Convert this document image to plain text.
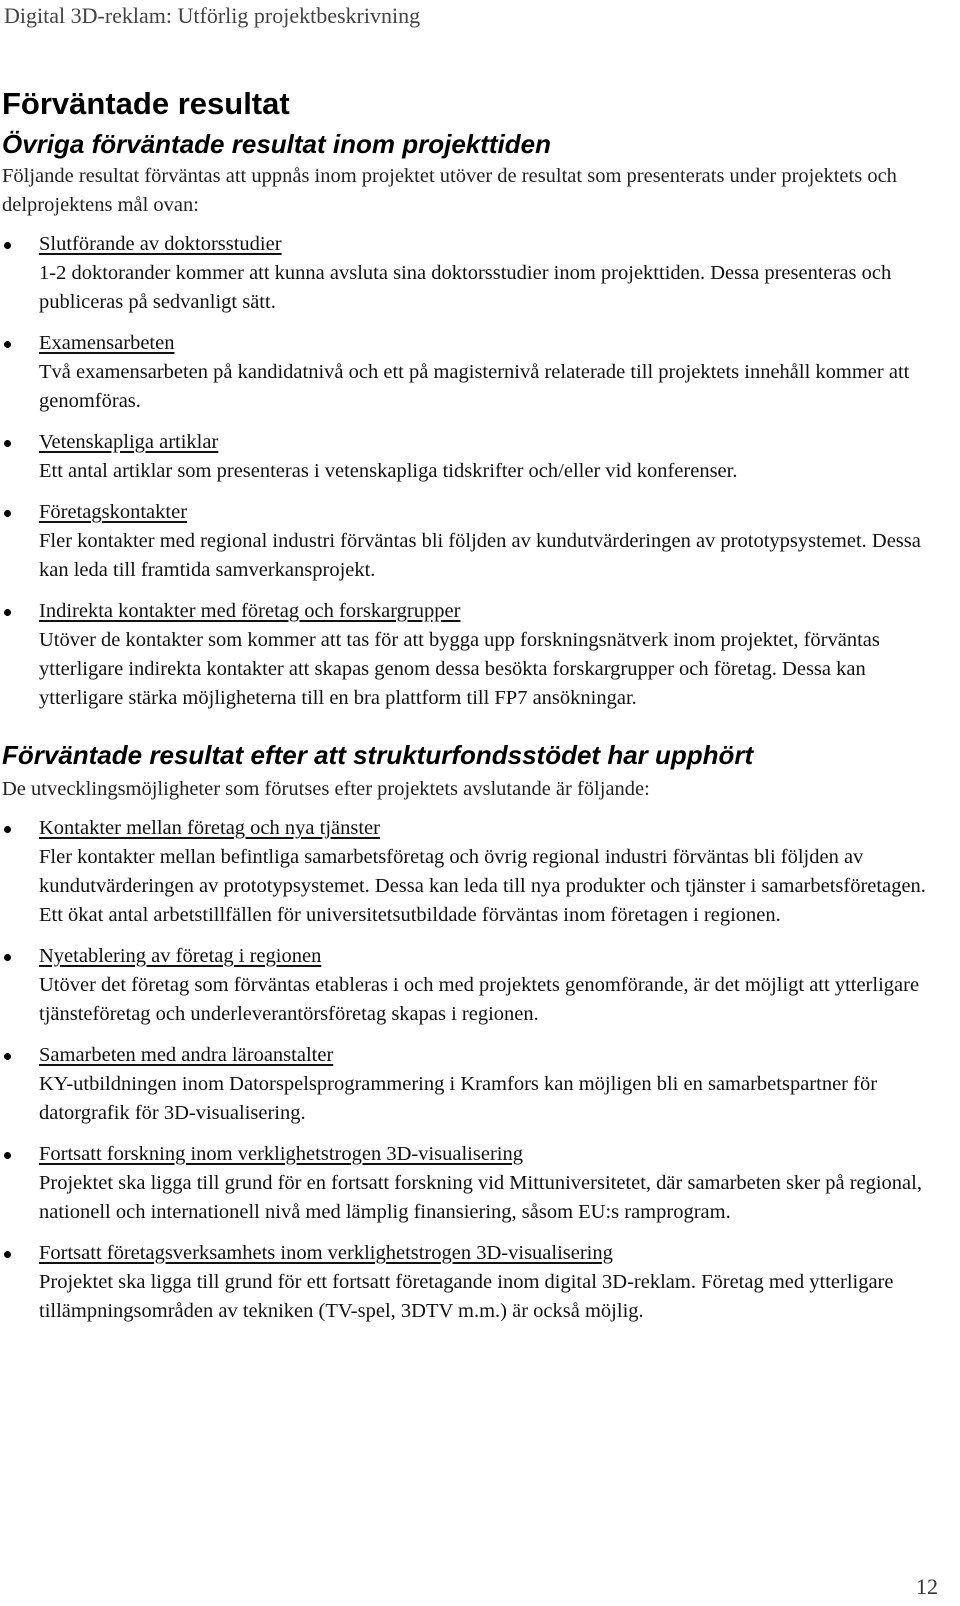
Digital 3D-reklam: Utförlig projektbeskrivning

Förväntade resultat
Övriga förväntade resultat inom projekttiden

Följande resultat förväntas att uppnås inom projektet utöver de resultat som presenterats under projektets och delprojektens mål ovan:

Slutförande av doktorsstudier
1-2 doktorander kommer att kunna avsluta sina doktorsstudier inom projekttiden. Dessa presenteras och publiceras på sedvanligt sätt.
Examensarbeten
Två examensarbeten på kandidatnivå och ett på magisternivå relaterade till projektets innehåll kommer att genomföras.
Vetenskapliga artiklar
Ett antal artiklar som presenteras i vetenskapliga tidskrifter och/eller vid konferenser.
Företagskontakter
Fler kontakter med regional industri förväntas bli följden av kundutvärderingen av prototypsystemet. Dessa kan leda till framtida samverkansprojekt.
Indirekta kontakter med företag och forskargrupper
Utöver de kontakter som kommer att tas för att bygga upp forskningsnätverk inom projektet, förväntas ytterligare indirekta kontakter att skapas genom dessa besökta forskargrupper och företag. Dessa kan ytterligare stärka möjligheterna till en bra plattform till FP7 ansökningar.
Förväntade resultat efter att strukturfondsstödet har upphört

De utvecklingsmöjligheter som förutses efter projektets avslutande är följande:

Kontakter mellan företag och nya tjänster
Fler kontakter mellan befintliga samarbetsföretag och övrig regional industri förväntas bli följden av kundutvärderingen av prototypsystemet. Dessa kan leda till nya produkter och tjänster i samarbetsföretagen. Ett ökat antal arbetstillfällen för universitetsutbildade förväntas inom företagen i regionen.
Nyetablering av företag i regionen
Utöver det företag som förväntas etableras i och med projektets genomförande, är det möjligt att ytterligare tjänsteföretag och underleverantörsföretag skapas i regionen.
Samarbeten med andra läroanstalter
KY-utbildningen inom Datorspelsprogrammering i Kramfors kan möjligen bli en samarbetspartner för datorgrafik för 3D-visualisering.
Fortsatt forskning inom verklighetstrogen 3D-visualisering
Projektet ska ligga till grund för en fortsatt forskning vid Mittuniversitetet, där samarbeten sker på regional, nationell och internationell nivå med lämplig finansiering, såsom EU:s ramprogram.
Fortsatt företagsverksamhets inom verklighetstrogen 3D-visualisering
Projektet ska ligga till grund för ett fortsatt företagande inom digital 3D-reklam. Företag med ytterligare tillämpningsområden av tekniken (TV-spel, 3DTV m.m.) är också möjlig.

12
